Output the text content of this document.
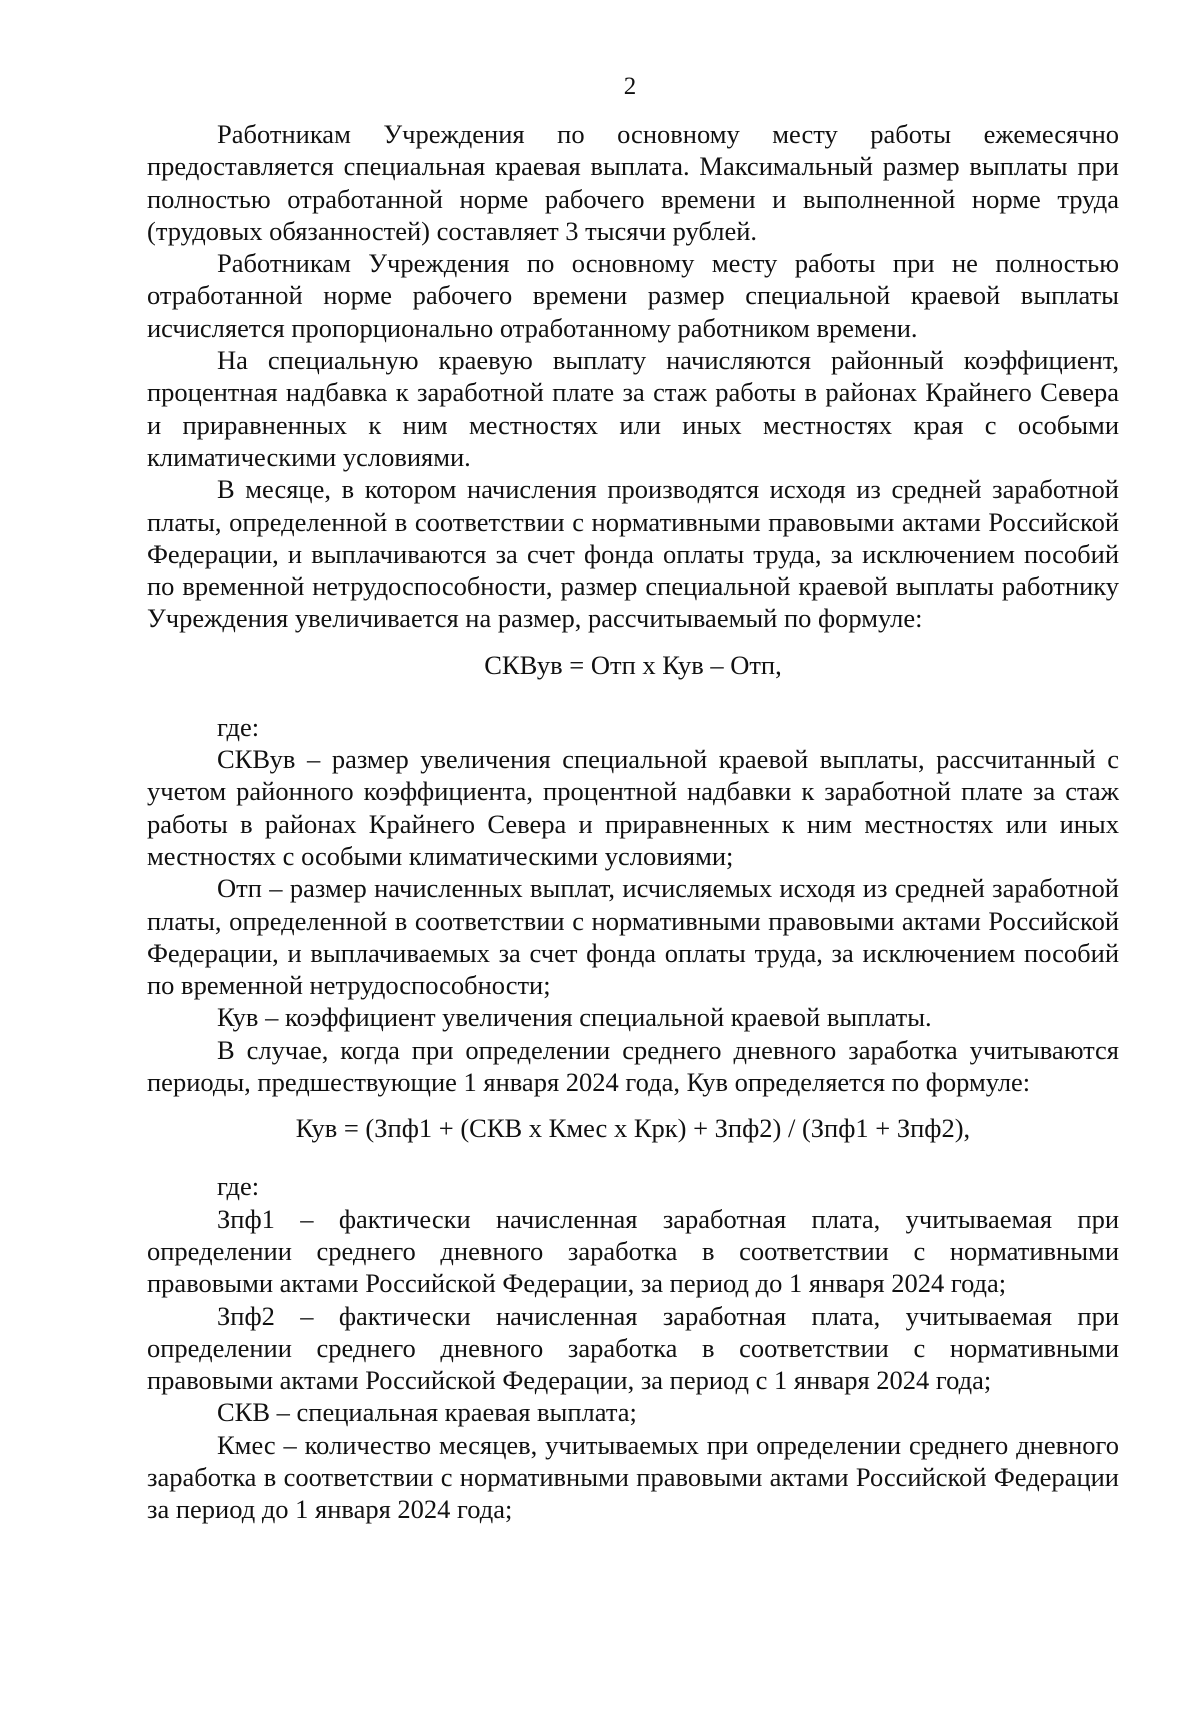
2

Работникам Учреждения по основному месту работы ежемесячно предоставляется специальная краевая выплата. Максимальный размер выплаты при полностью отработанной норме рабочего времени и выполненной норме труда (трудовых обязанностей) составляет 3 тысячи рублей.

Работникам Учреждения по основному месту работы при не полностью отработанной норме рабочего времени размер специальной краевой выплаты исчисляется пропорционально отработанному работником времени.

На специальную краевую выплату начисляются районный коэффициент, процентная надбавка к заработной плате за стаж работы в районах Крайнего Севера и приравненных к ним местностях или иных местностях края с особыми климатическими условиями.

В месяце, в котором начисления производятся исходя из средней заработной платы, определенной в соответствии с нормативными правовыми актами Российской Федерации, и выплачиваются за счет фонда оплаты труда, за исключением пособий по временной нетрудоспособности, размер специальной краевой выплаты работнику Учреждения увеличивается на размер, рассчитываемый по формуле:

СКВув = Отп х Кув – Отп,

где:

СКВув – размер увеличения специальной краевой выплаты, рассчитанный с учетом районного коэффициента, процентной надбавки к заработной плате за стаж работы в районах Крайнего Севера и приравненных к ним местностях или иных местностях с особыми климатическими условиями;

Отп – размер начисленных выплат, исчисляемых исходя из средней заработной платы, определенной в соответствии с нормативными правовыми актами Российской Федерации, и выплачиваемых за счет фонда оплаты труда, за исключением пособий по временной нетрудоспособности;

Кув – коэффициент увеличения специальной краевой выплаты.

В случае, когда при определении среднего дневного заработка учитываются периоды, предшествующие 1 января 2024 года, Кув определяется по формуле:

Кув = (Зпф1 + (СКВ х Кмес х Крк) + Зпф2) / (Зпф1 + Зпф2),

где:

Зпф1 – фактически начисленная заработная плата, учитываемая при определении среднего дневного заработка в соответствии с нормативными правовыми актами Российской Федерации, за период до 1 января 2024 года;

Зпф2 – фактически начисленная заработная плата, учитываемая при определении среднего дневного заработка в соответствии с нормативными правовыми актами Российской Федерации, за период с 1 января 2024 года;

СКВ – специальная краевая выплата;

Кмес – количество месяцев, учитываемых при определении среднего дневного заработка в соответствии с нормативными правовыми актами Российской Федерации за период до 1 января 2024 года;
